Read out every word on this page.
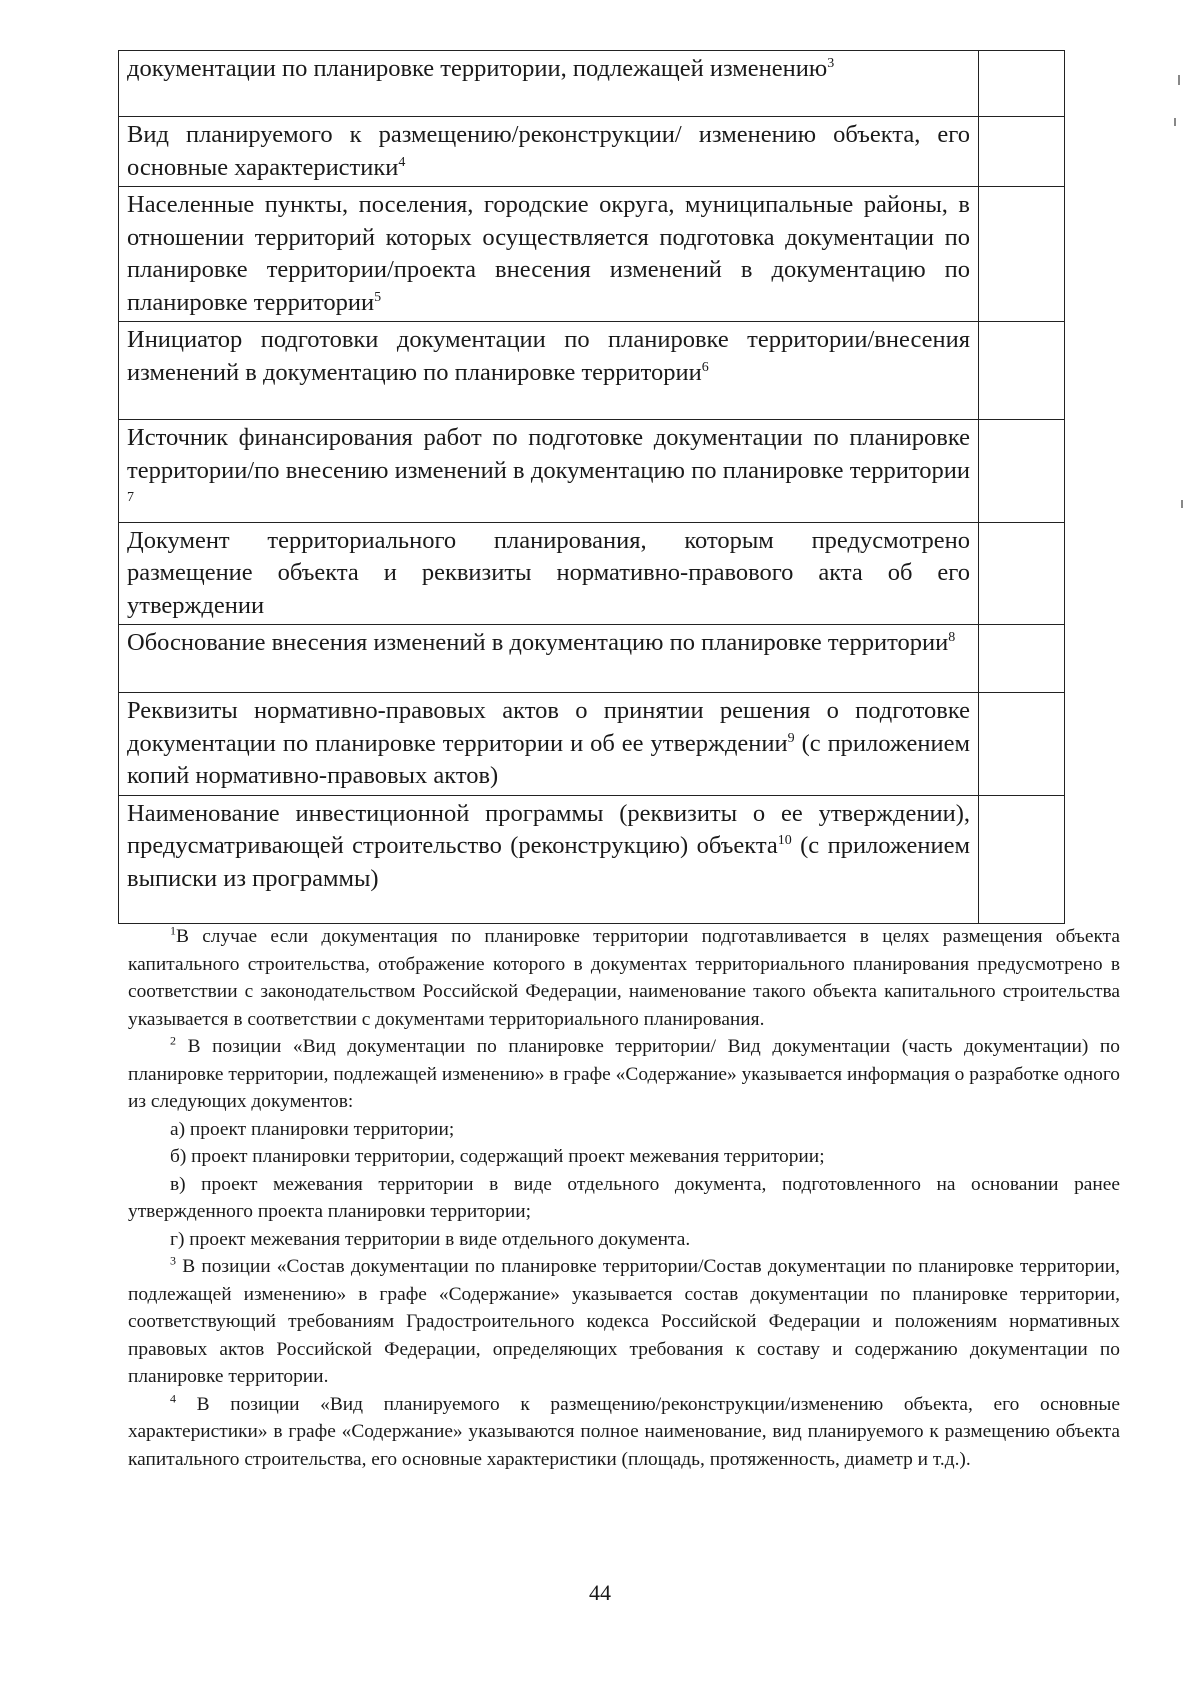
документации по планировке территории, подлежащей изменению$^3$	
Вид планируемого к размещению/реконструкции/ изменению объекта, его основные характеристики$^4$	
Населенные пункты, поселения, городские округа, муниципальные районы, в отношении территорий которых осуществляется подготовка документации по планировке территории/проекта внесения изменений в документацию по планировке территории$^5$	
Инициатор подготовки документации по планировке территории/внесения изменений в документацию по планировке территории$^6$	
Источник финансирования работ по подготовке документации по планировке территории/по внесению изменений в документацию по планировке территории $^7$	
Документ территориального планирования, которым предусмотрено размещение объекта и реквизиты нормативно-правового акта об его утверждении	
Обоснование внесения изменений в документацию по планировке территории$^8$	
Реквизиты нормативно-правовых актов о принятии решения о подготовке документации по планировке территории и об ее утверждении$^9$ (с приложением копий нормативно-правовых актов)	
Наименование инвестиционной программы (реквизиты о ее утверждении), предусматривающей строительство (реконструкцию) объекта$^{10}$ (с приложением выписки из программы)	

$^1$В случае если документация по планировке территории подготавливается в целях размещения объекта капитального строительства, отображение которого в документах территориального планирования предусмотрено в соответствии с законодательством Российской Федерации, наименование такого объекта капитального строительства указывается в соответствии с документами территориального планирования.

$^2$ В позиции «Вид документации по планировке территории/ Вид документации (часть документации) по планировке территории, подлежащей изменению» в графе «Содержание» указывается информация о разработке одного из следующих документов:

а) проект планировки территории;

б) проект планировки территории, содержащий проект межевания территории;

в) проект межевания территории в виде отдельного документа, подготовленного на основании ранее утвержденного проекта планировки территории;

г) проект межевания территории в виде отдельного документа.

$^3$ В позиции «Состав документации по планировке территории/Состав документации по планировке территории, подлежащей изменению» в графе «Содержание» указывается состав документации по планировке территории, соответствующий требованиям Градостроительного кодекса Российской Федерации и положениям нормативных правовых актов Российской Федерации, определяющих требования к составу и содержанию документации по планировке территории.

$^4$ В позиции «Вид планируемого к размещению/реконструкции/изменению объекта, его основные характеристики» в графе «Содержание» указываются полное наименование, вид планируемого к размещению объекта капитального строительства, его основные характеристики (площадь, протяженность, диаметр и т.д.).

44
